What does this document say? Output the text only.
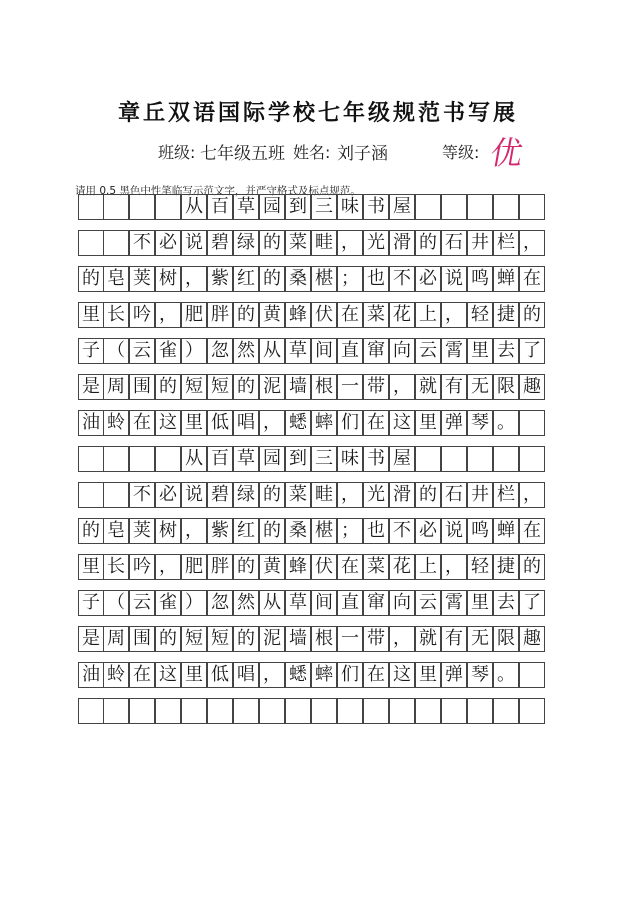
章丘双语国际学校七年级规范书写展
班级: 七年级五班 姓名: 刘子涵	等级: 优
请用 0.5 黑色中性笔临写示范文字，并严守格式及标点规范。
从 百 草 园 到 三 味 书 屋
不 必 说 碧 绿 的 菜 畦 ， 光 滑 的 石 井 栏 ，
的 皂 荚 树 ， 紫 红 的 桑 椹 ； 也 不 必 说 鸣 蝉 在
里 长 吟 ， 肥 胖 的 黄 蜂 伏 在 菜 花 上 ， 轻 捷 的
子 （ 云 雀 ） 忽 然 从 草 间 直 窜 向 云 霄 里 去 了
是 周 围 的 短 短 的 泥 墙 根 一 带 ， 就 有 无 限 趣
油 蛉 在 这 里 低 唱 ， 蟋 蟀 们 在 这 里 弹 琴 。
从 百 草 园 到 三 味 书 屋
不 必 说 碧 绿 的 菜 畦 ， 光 滑 的 石 井 栏 ，
的 皂 荚 树 ， 紫 红 的 桑 椹 ； 也 不 必 说 鸣 蝉 在
里 长 吟 ， 肥 胖 的 黄 蜂 伏 在 菜 花 上 ， 轻 捷 的
子 （ 云 雀 ） 忽 然 从 草 间 直 窜 向 云 霄 里 去 了
是 周 围 的 短 短 的 泥 墙 根 一 带 ， 就 有 无 限 趣
油 蛉 在 这 里 低 唱 ， 蟋 蟀 们 在 这 里 弹 琴 。
